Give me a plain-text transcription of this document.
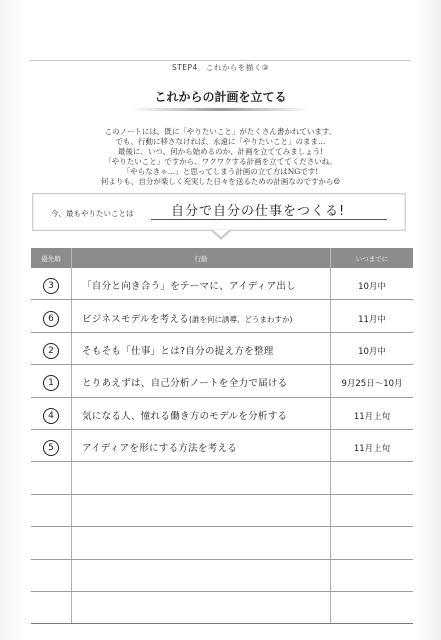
STEP4　これからを描く③
これからの計画を立てる
このノートには、既に「やりたいこと」がたくさん書かれています。
でも、行動に移さなければ、永遠に「やりたいこと」のまま…
最後に、いつ、何から始めるのか、計画を立ててみましょう!
「やりたいこと」ですから、ワクワクする計画を立ててくださいね。
「やらなきゃ…」と思ってしまう計画の立て方はNGです!
何よりも、自分が楽しく充実した日々を送るための計画なのですから☺
今、最もやりたいことは	自分で自分の仕事をつくる!
優先順	行動	いつまでに
3	「自分と向き合う」をテーマに、アイディア出し	10月中
6	ビジネスモデルを考える(誰を何に誘導、どうまわすか)	11月中
2	そもそも「仕事」とは?自分の捉え方を整理	10月中
1	とりあえずは、自己分析ノートを全力で届ける	9月25日～10月
4	気になる人、憧れる働き方のモデルを分析する	11月上旬
5	アイディアを形にする方法を考える	11月上旬
